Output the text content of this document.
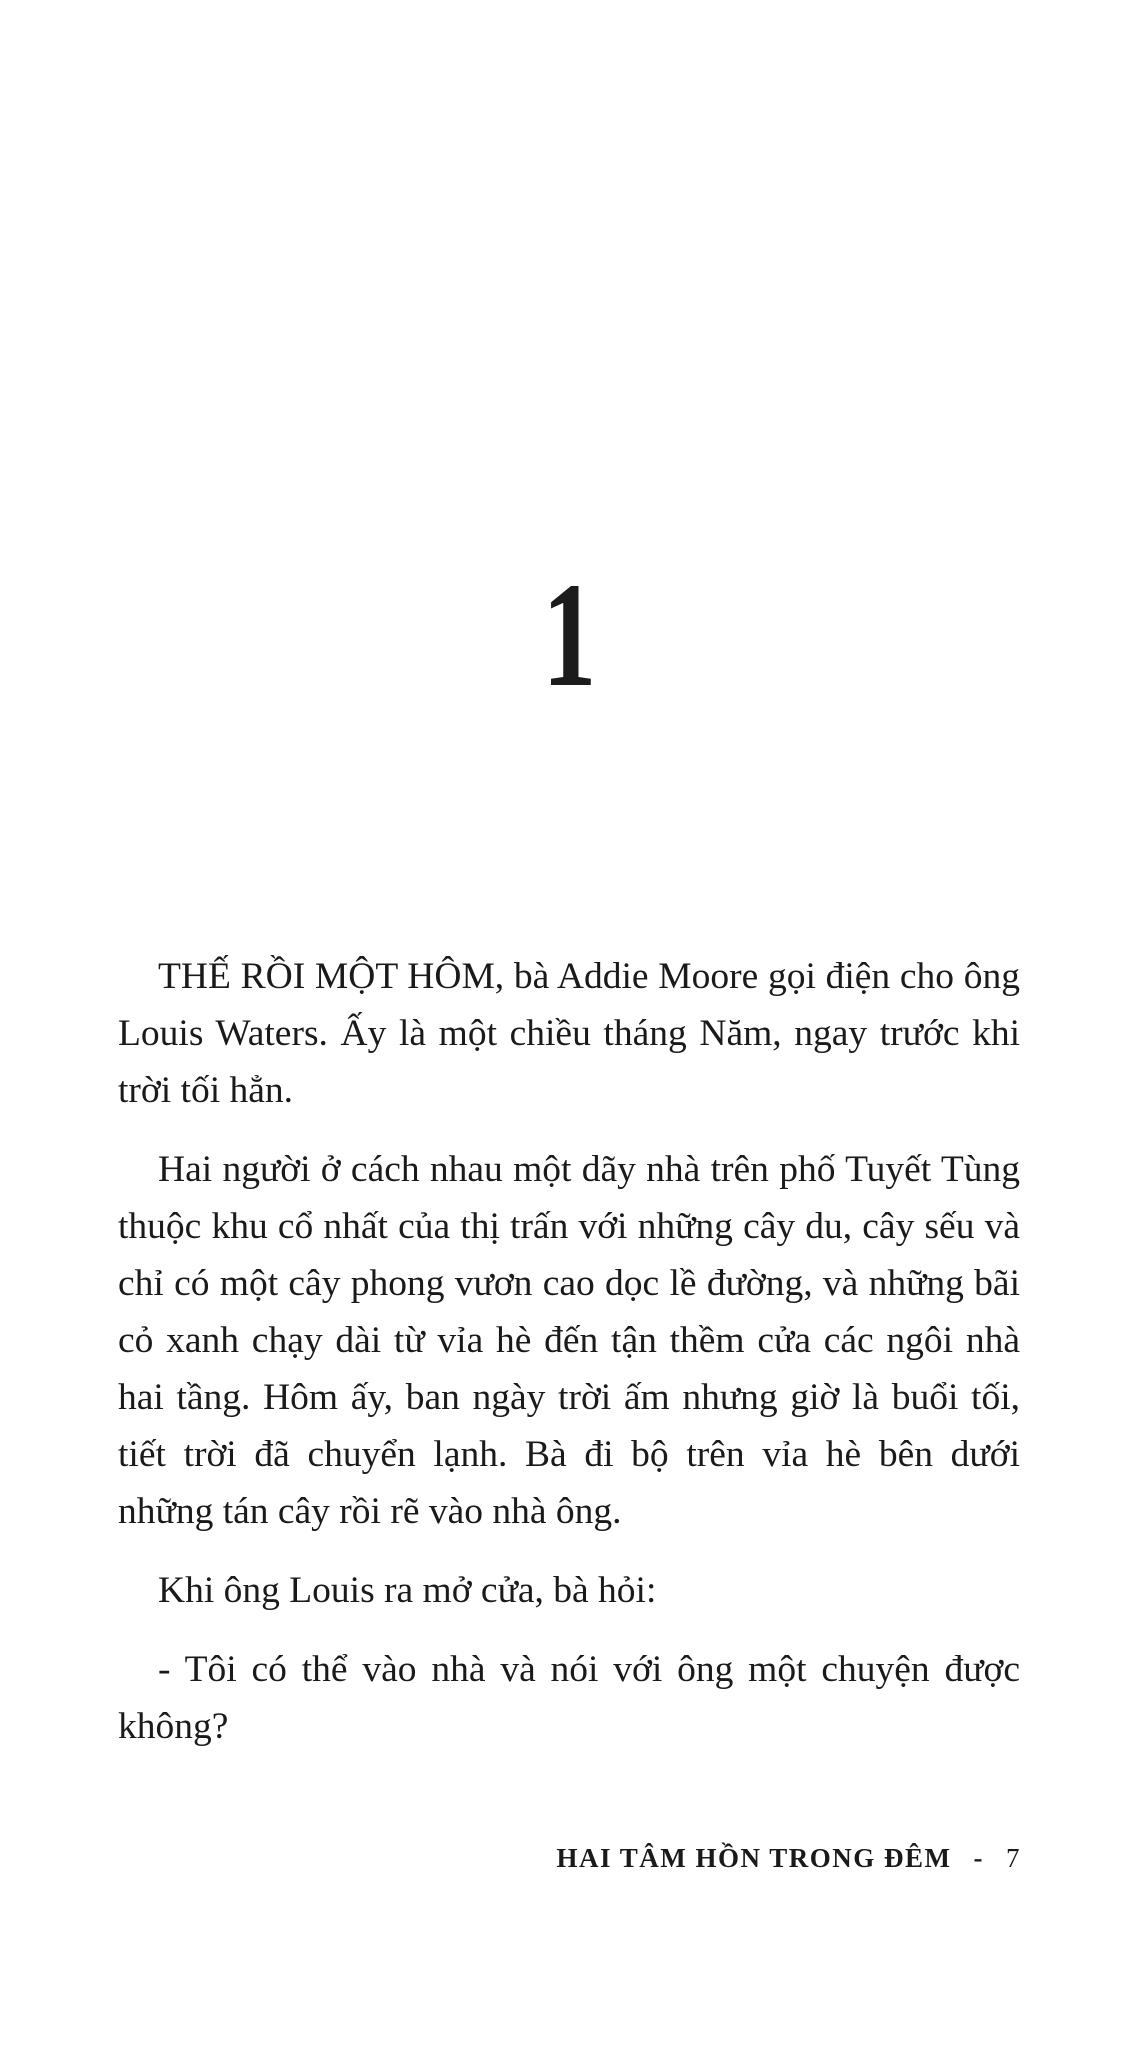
1

THẾ RỒI MỘT HÔM, bà Addie Moore gọi điện cho ông Louis Waters. Ấy là một chiều tháng Năm, ngay trước khi trời tối hẳn.

Hai người ở cách nhau một dãy nhà trên phố Tuyết Tùng thuộc khu cổ nhất của thị trấn với những cây du, cây sếu và chỉ có một cây phong vươn cao dọc lề đường, và những bãi cỏ xanh chạy dài từ vỉa hè đến tận thềm cửa các ngôi nhà hai tầng. Hôm ấy, ban ngày trời ấm nhưng giờ là buổi tối, tiết trời đã chuyển lạnh. Bà đi bộ trên vỉa hè bên dưới những tán cây rồi rẽ vào nhà ông.

Khi ông Louis ra mở cửa, bà hỏi:

- Tôi có thể vào nhà và nói với ông một chuyện được không?

HAI TÂM HỒN TRONG ĐÊM - 7
